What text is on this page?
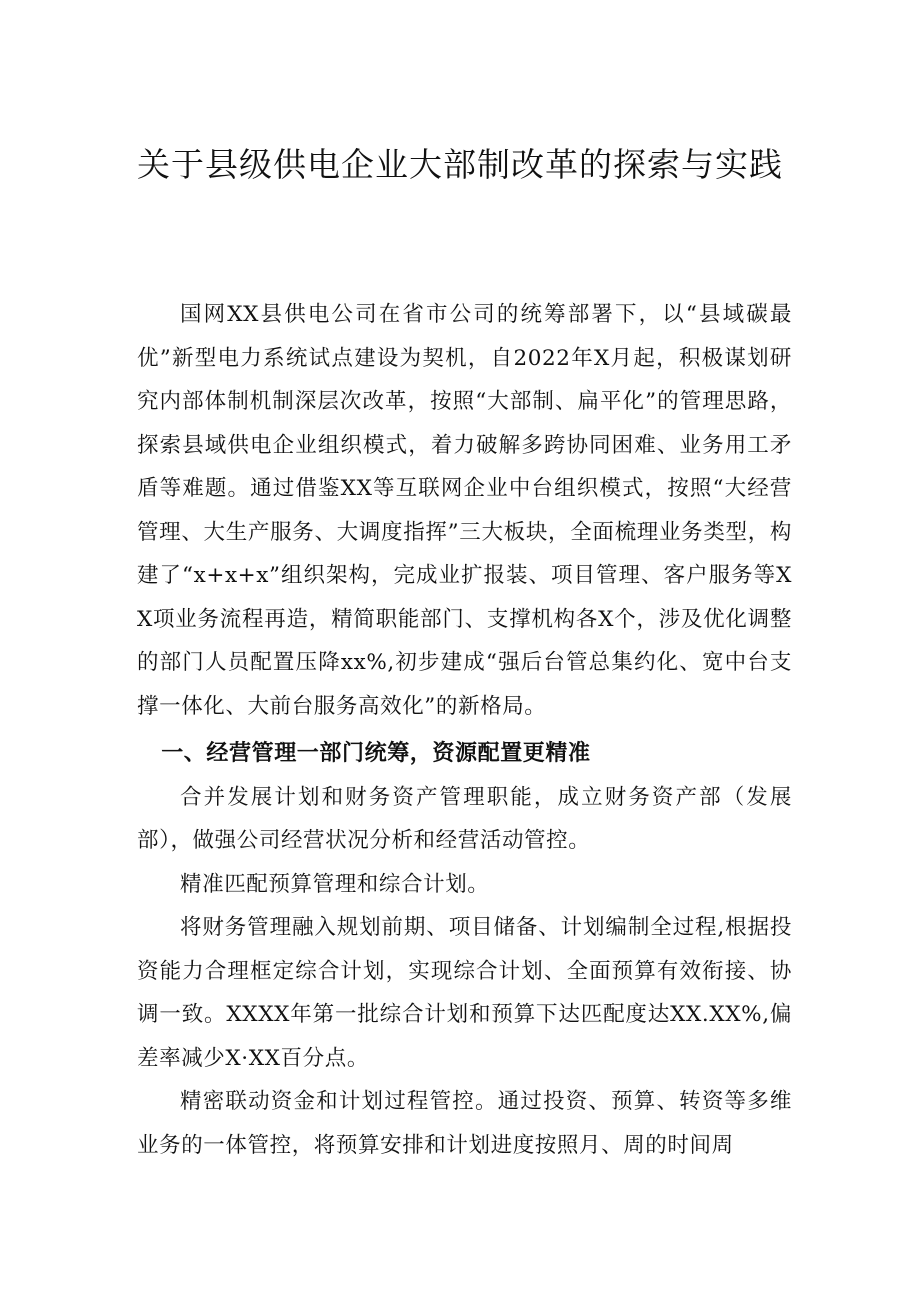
关于县级供电企业大部制改革的探索与实践

国网XX县供电公司在省市公司的统筹部署下，以“县域碳最优”新型电力系统试点建设为契机，自2022年X月起，积极谋划研究内部体制机制深层次改革，按照“大部制、扁平化”的管理思路，探索县域供电企业组织模式，着力破解多跨协同困难、业务用工矛盾等难题。通过借鉴XX等互联网企业中台组织模式，按照“大经营管理、大生产服务、大调度指挥”三大板块，全面梳理业务类型，构建了“x+x+x”组织架构，完成业扩报装、项目管理、客户服务等XX项业务流程再造，精简职能部门、支撑机构各X个，涉及优化调整的部门人员配置压降xx%,初步建成“强后台管总集约化、宽中台支撑一体化、大前台服务高效化”的新格局。

一、经营管理一部门统筹，资源配置更精准

合并发展计划和财务资产管理职能，成立财务资产部（发展部），做强公司经营状况分析和经营活动管控。

精准匹配预算管理和综合计划。

将财务管理融入规划前期、项目储备、计划编制全过程,根据投资能力合理框定综合计划，实现综合计划、全面预算有效衔接、协调一致。XXXX年第一批综合计划和预算下达匹配度达XX.XX%,偏差率减少X·XX百分点。

精密联动资金和计划过程管控。通过投资、预算、转资等多维业务的一体管控，将预算安排和计划进度按照月、周的时间周
